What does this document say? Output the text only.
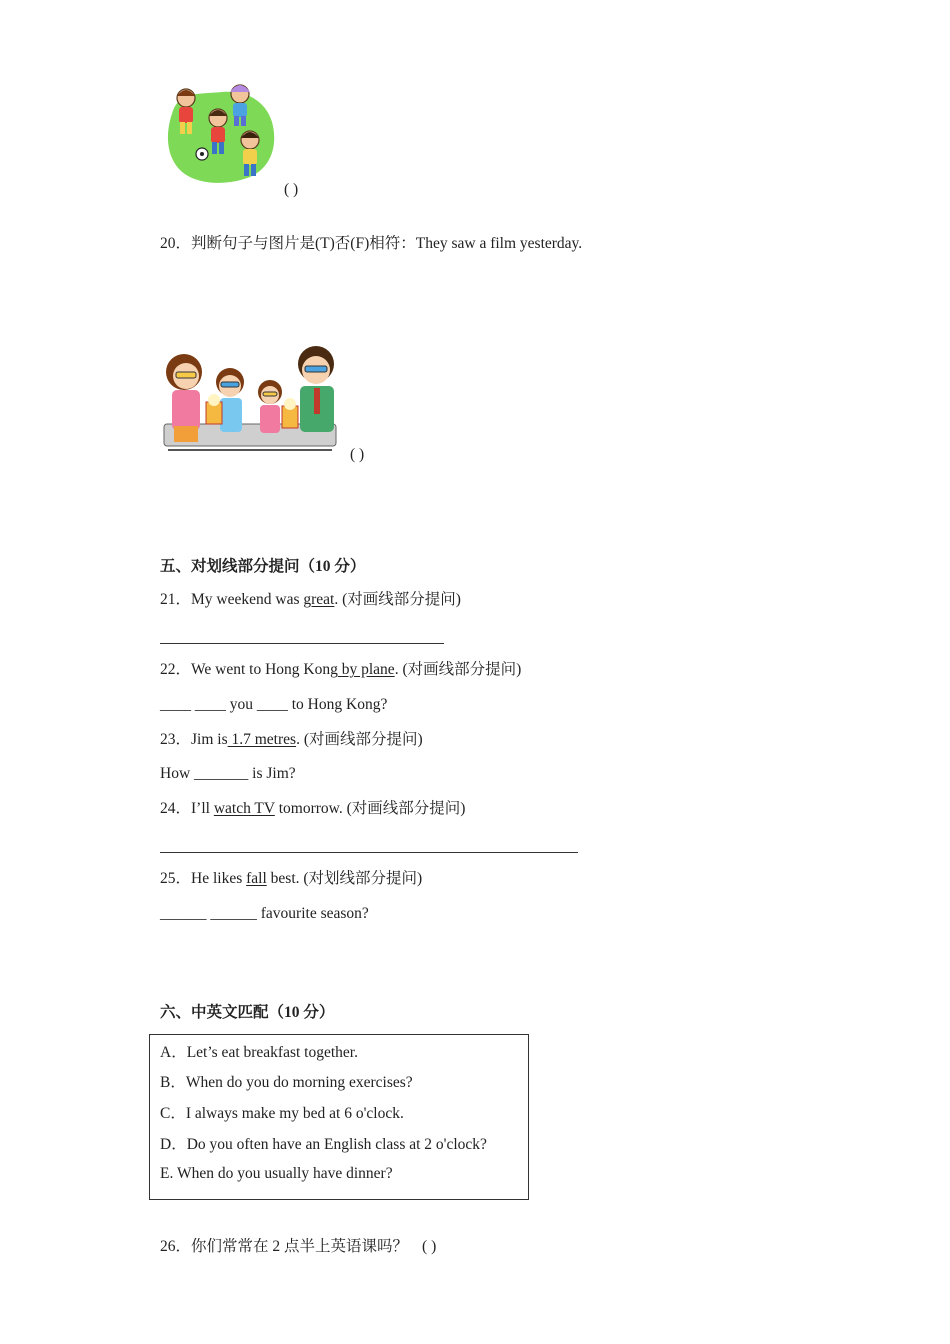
( )
20．判断句子与图片是(T)否(F)相符：They saw a film yesterday.
( )
五、对划线部分提问（10 分）
21．My weekend was great. (对画线部分提问)
22．We went to Hong Kong by plane. (对画线部分提问)
____ ____ you ____ to Hong Kong?
23．Jim is 1.7 metres. (对画线部分提问)
How _______ is Jim?
24．I’ll watch TV tomorrow. (对画线部分提问)
25．He likes fall best. (对划线部分提问)
______ ______ favourite season?
六、中英文匹配（10 分）
A．Let’s eat breakfast together.
B．When do you do morning exercises?
C．I always make my bed at 6 o'clock.
D．Do you often have an English class at 2 o'clock?
E. When do you usually have dinner?
26．你们常常在 2 点半上英语课吗？ ( )
